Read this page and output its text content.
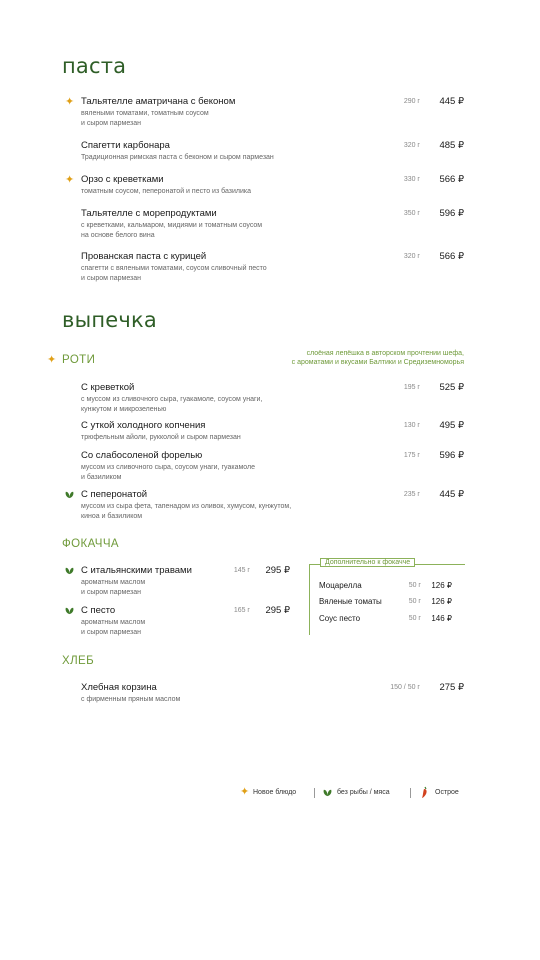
паста
✦ Тальятелле аматричана с беконом
вялеными томатами, томатным соусом
и сыром пармезан
290 г	445 ₽
Спагетти карбонара
Традиционная римская паста с беконом и сыром пармезан
320 г	485 ₽
✦ Орзо с креветками
томатным соусом, пеперонатой и песто из базилика
330 г	566 ₽
Тальятелле с морепродуктами
с креветками, кальмаром, мидиями и томатным соусом
на основе белого вина
350 г	596 ₽
Прованская паста с курицей
спагетти с вялеными томатами, соусом сливочный песто
и сыром пармезан
320 г	566 ₽
выпечка
✦ РОТИ
слоёная лепёшка в авторском прочтении шефа,
с ароматами и вкусами Балтики и Средиземноморья
С креветкой
с муссом из сливочного сыра, гуакамоле, соусом унаги,
кунжутом и микрозеленью
195 г	525 ₽
С уткой холодного копчения
трюфельным айоли, рукколой и сыром пармезан
130 г	495 ₽
Со слабосоленой форелью
муссом из сливочного сыра, соусом унаги, гуакамоле
и базиликом
175 г	596 ₽
С пеперонатой
муссом из сыра фета, тапенадом из оливок, хумусом, кунжутом,
киноа и базиликом
235 г	445 ₽
ФОКАЧЧА
С итальянскими травами
ароматным маслом
и сыром пармезан
145 г	295 ₽
С песто
ароматным маслом
и сыром пармезан
165 г	295 ₽
Дополнительно к фокачче
Моцарелла	50 г	126 ₽
Вяленые томаты	50 г	126 ₽
Соус песто	50 г	146 ₽
ХЛЕБ
Хлебная корзина
с фирменным пряным маслом
150 / 50 г	275 ₽
✦ Новое блюдо	без рыбы / мяса	Острое
